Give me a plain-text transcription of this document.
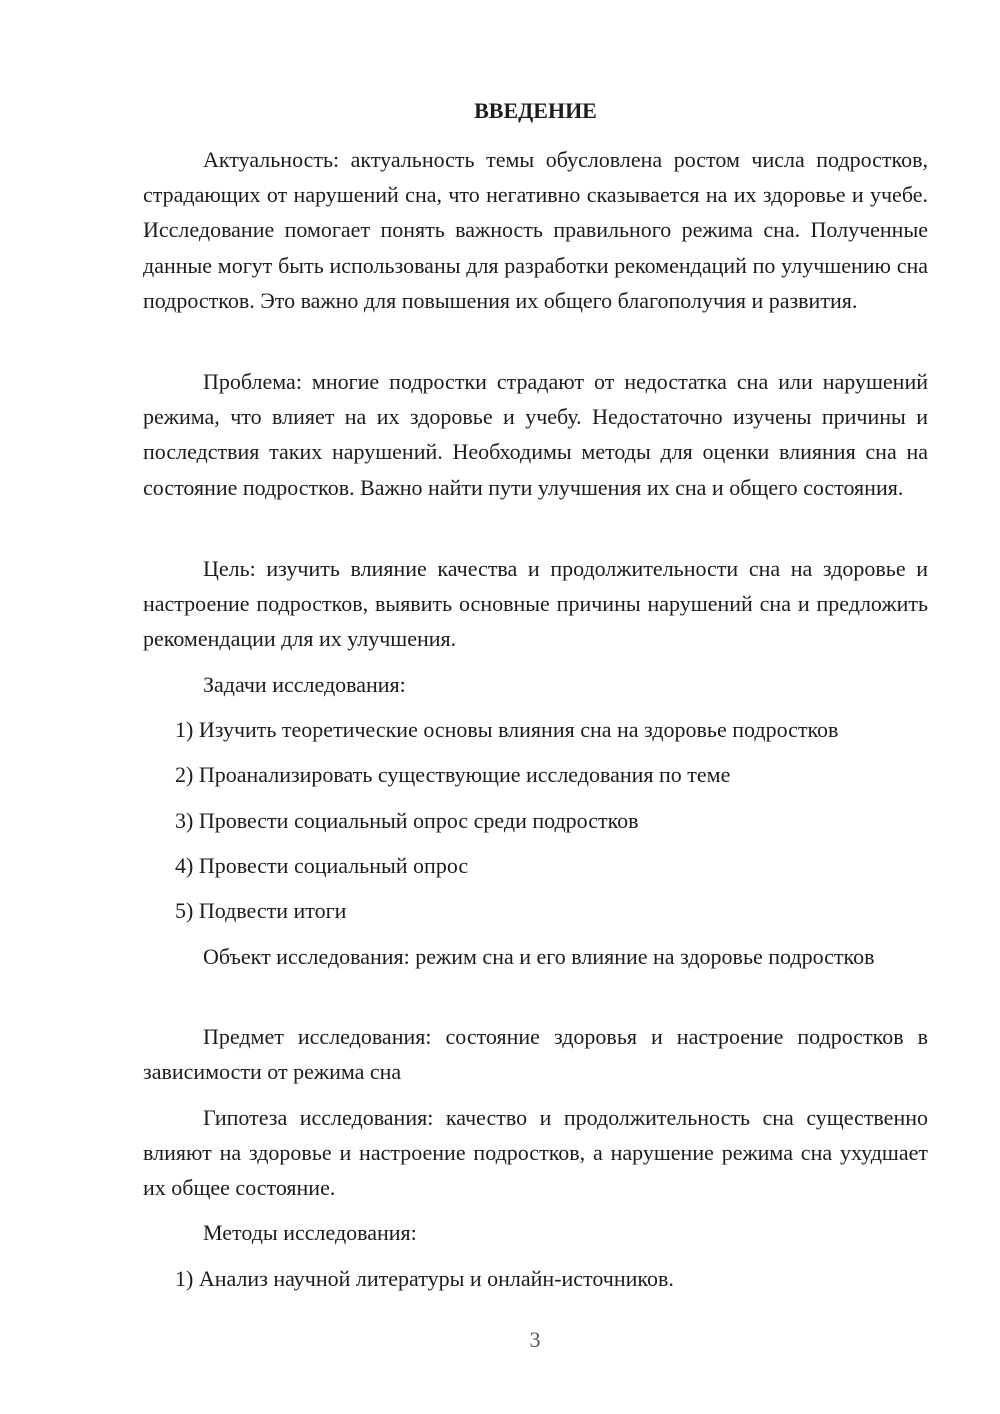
ВВЕДЕНИЕ

Актуальность: актуальность темы обусловлена ростом числа подростков, страдающих от нарушений сна, что негативно сказывается на их здоровье и учебе. Исследование помогает понять важность правильного режима сна. Полученные данные могут быть использованы для разработки рекомендаций по улучшению сна подростков. Это важно для повышения их общего благополучия и развития.

Проблема: многие подростки страдают от недостатка сна или нарушений режима, что влияет на их здоровье и учебу. Недостаточно изучены причины и последствия таких нарушений. Необходимы методы для оценки влияния сна на состояние подростков. Важно найти пути улучшения их сна и общего состояния.

Цель: изучить влияние качества и продолжительности сна на здоровье и настроение подростков, выявить основные причины нарушений сна и предложить рекомендации для их улучшения.

Задачи исследования:

1) Изучить теоретические основы влияния сна на здоровье подростков

2) Проанализировать существующие исследования по теме

3) Провести социальный опрос среди подростков

4) Провести социальный опрос

5) Подвести итоги

Объект исследования: режим сна и его влияние на здоровье подростков

Предмет исследования: состояние здоровья и настроение подростков в зависимости от режима сна

Гипотеза исследования: качество и продолжительность сна существенно влияют на здоровье и настроение подростков, а нарушение режима сна ухудшает их общее состояние.

Методы исследования:

1) Анализ научной литературы и онлайн-источников.

3
